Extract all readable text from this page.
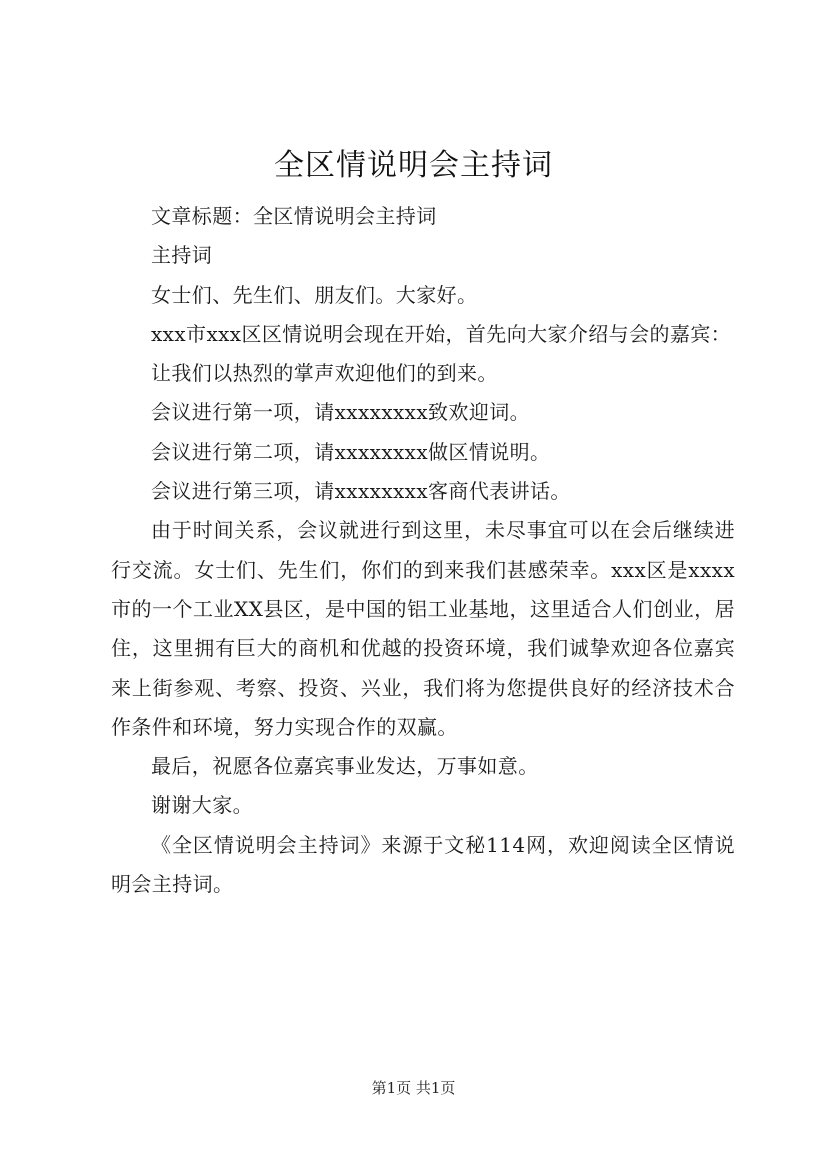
全区情说明会主持词

文章标题：全区情说明会主持词

主持词

女士们、先生们、朋友们。大家好。

xxx市xxx区区情说明会现在开始，首先向大家介绍与会的嘉宾：

让我们以热烈的掌声欢迎他们的到来。

会议进行第一项，请xxxxxxxx致欢迎词。

会议进行第二项，请xxxxxxxx做区情说明。

会议进行第三项，请xxxxxxxx客商代表讲话。

由于时间关系，会议就进行到这里，未尽事宜可以在会后继续进行交流。女士们、先生们，你们的到来我们甚感荣幸。xxx区是xxxx市的一个工业XX县区，是中国的铝工业基地，这里适合人们创业，居住，这里拥有巨大的商机和优越的投资环境，我们诚挚欢迎各位嘉宾来上街参观、考察、投资、兴业，我们将为您提供良好的经济技术合作条件和环境，努力实现合作的双赢。

最后，祝愿各位嘉宾事业发达，万事如意。

谢谢大家。

《全区情说明会主持词》来源于文秘114网，欢迎阅读全区情说明会主持词。

第1页 共1页
